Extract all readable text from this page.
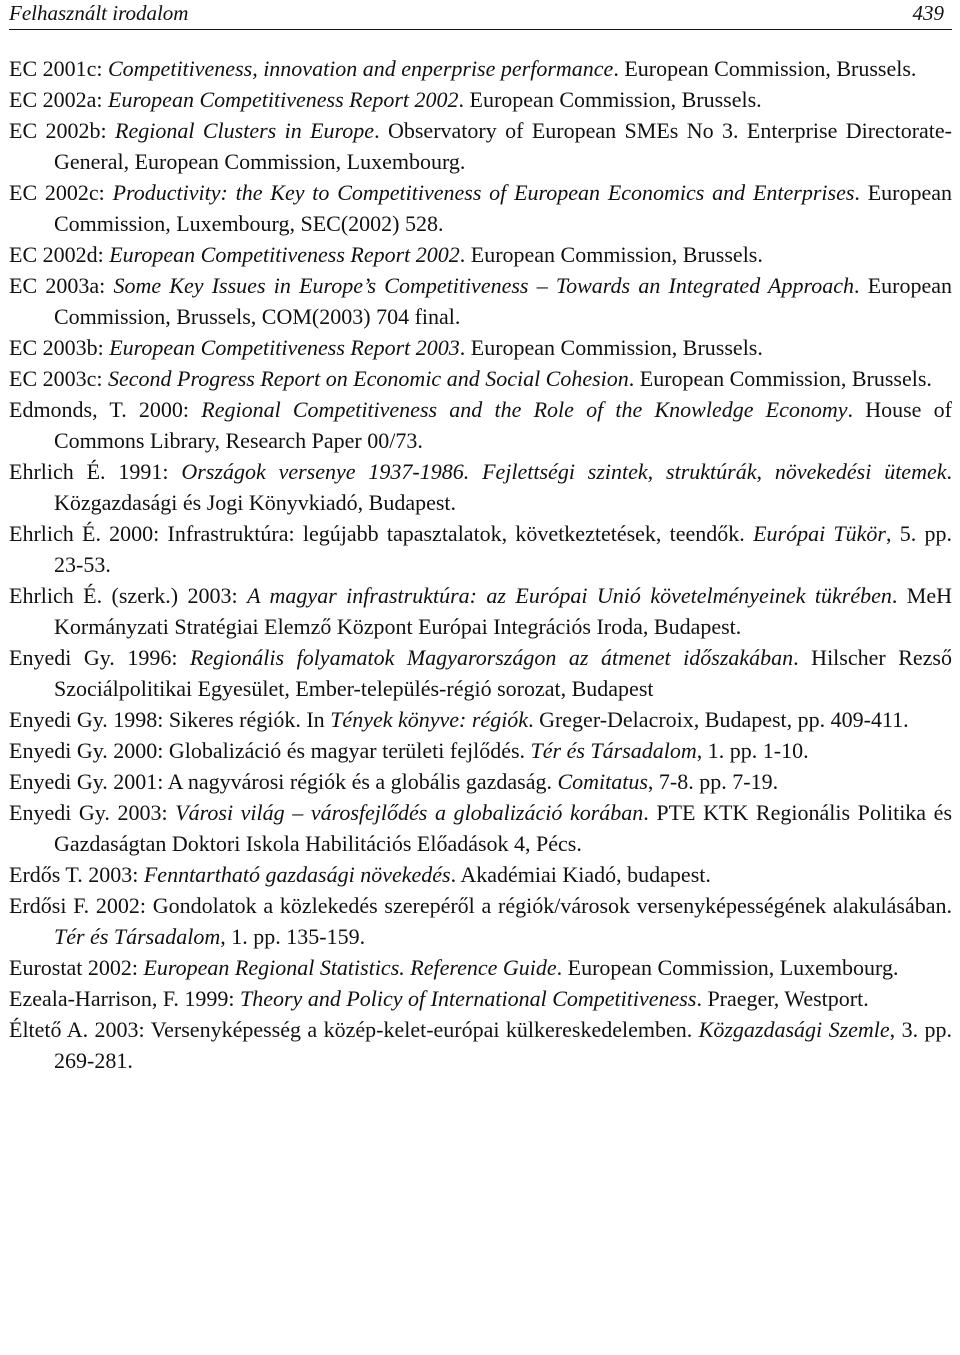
Felhasznált irodalom	439
EC 2001c: Competitiveness, innovation and enperprise performance. European Commission, Brussels.
EC 2002a: European Competitiveness Report 2002. European Commission, Brussels.
EC 2002b: Regional Clusters in Europe. Observatory of European SMEs No 3. Enterprise Directorate-General, European Commission, Luxembourg.
EC 2002c: Productivity: the Key to Competitiveness of European Economics and Enterprises. European Commission, Luxembourg, SEC(2002) 528.
EC 2002d: European Competitiveness Report 2002. European Commission, Brussels.
EC 2003a: Some Key Issues in Europe’s Competitiveness – Towards an Integrated Approach. European Commission, Brussels, COM(2003) 704 final.
EC 2003b: European Competitiveness Report 2003. European Commission, Brussels.
EC 2003c: Second Progress Report on Economic and Social Cohesion. European Commission, Brussels.
Edmonds, T. 2000: Regional Competitiveness and the Role of the Knowledge Economy. House of Commons Library, Research Paper 00/73.
Ehrlich É. 1991: Országok versenye 1937-1986. Fejlettségi szintek, struktúrák, növekedési ütemek. Közgazdasági és Jogi Könyvkiadó, Budapest.
Ehrlich É. 2000: Infrastruktúra: legújabb tapasztalatok, következtetések, teendők. Európai Tükör, 5. pp. 23-53.
Ehrlich É. (szerk.) 2003: A magyar infrastruktúra: az Európai Unió követelményeinek tükrében. MeH Kormányzati Stratégiai Elemző Központ Európai Integrációs Iroda, Budapest.
Enyedi Gy. 1996: Regionális folyamatok Magyarországon az átmenet időszakában. Hilscher Rezső Szociálpolitikai Egyesület, Ember-település-régió sorozat, Budapest
Enyedi Gy. 1998: Sikeres régiók. In Tények könyve: régiók. Greger-Delacroix, Budapest, pp. 409-411.
Enyedi Gy. 2000: Globalizáció és magyar területi fejlődés. Tér és Társadalom, 1. pp. 1-10.
Enyedi Gy. 2001: A nagyvárosi régiók és a globális gazdaság. Comitatus, 7-8. pp. 7-19.
Enyedi Gy. 2003: Városi világ – városfejlődés a globalizáció korában. PTE KTK Regionális Politika és Gazdaságtan Doktori Iskola Habilitációs Előadások 4, Pécs.
Erdős T. 2003: Fenntartható gazdasági növekedés. Akadémiai Kiadó, budapest.
Erdősi F. 2002: Gondolatok a közlekedés szerepéről a régiók/városok versenyképességének alakulásában. Tér és Társadalom, 1. pp. 135-159.
Eurostat 2002: European Regional Statistics. Reference Guide. European Commission, Luxembourg.
Ezeala-Harrison, F. 1999: Theory and Policy of International Competitiveness. Praeger, Westport.
Éltető A. 2003: Versenyképesség a közép-kelet-európai külkereskedelemben. Közgazdasági Szemle, 3. pp. 269-281.
